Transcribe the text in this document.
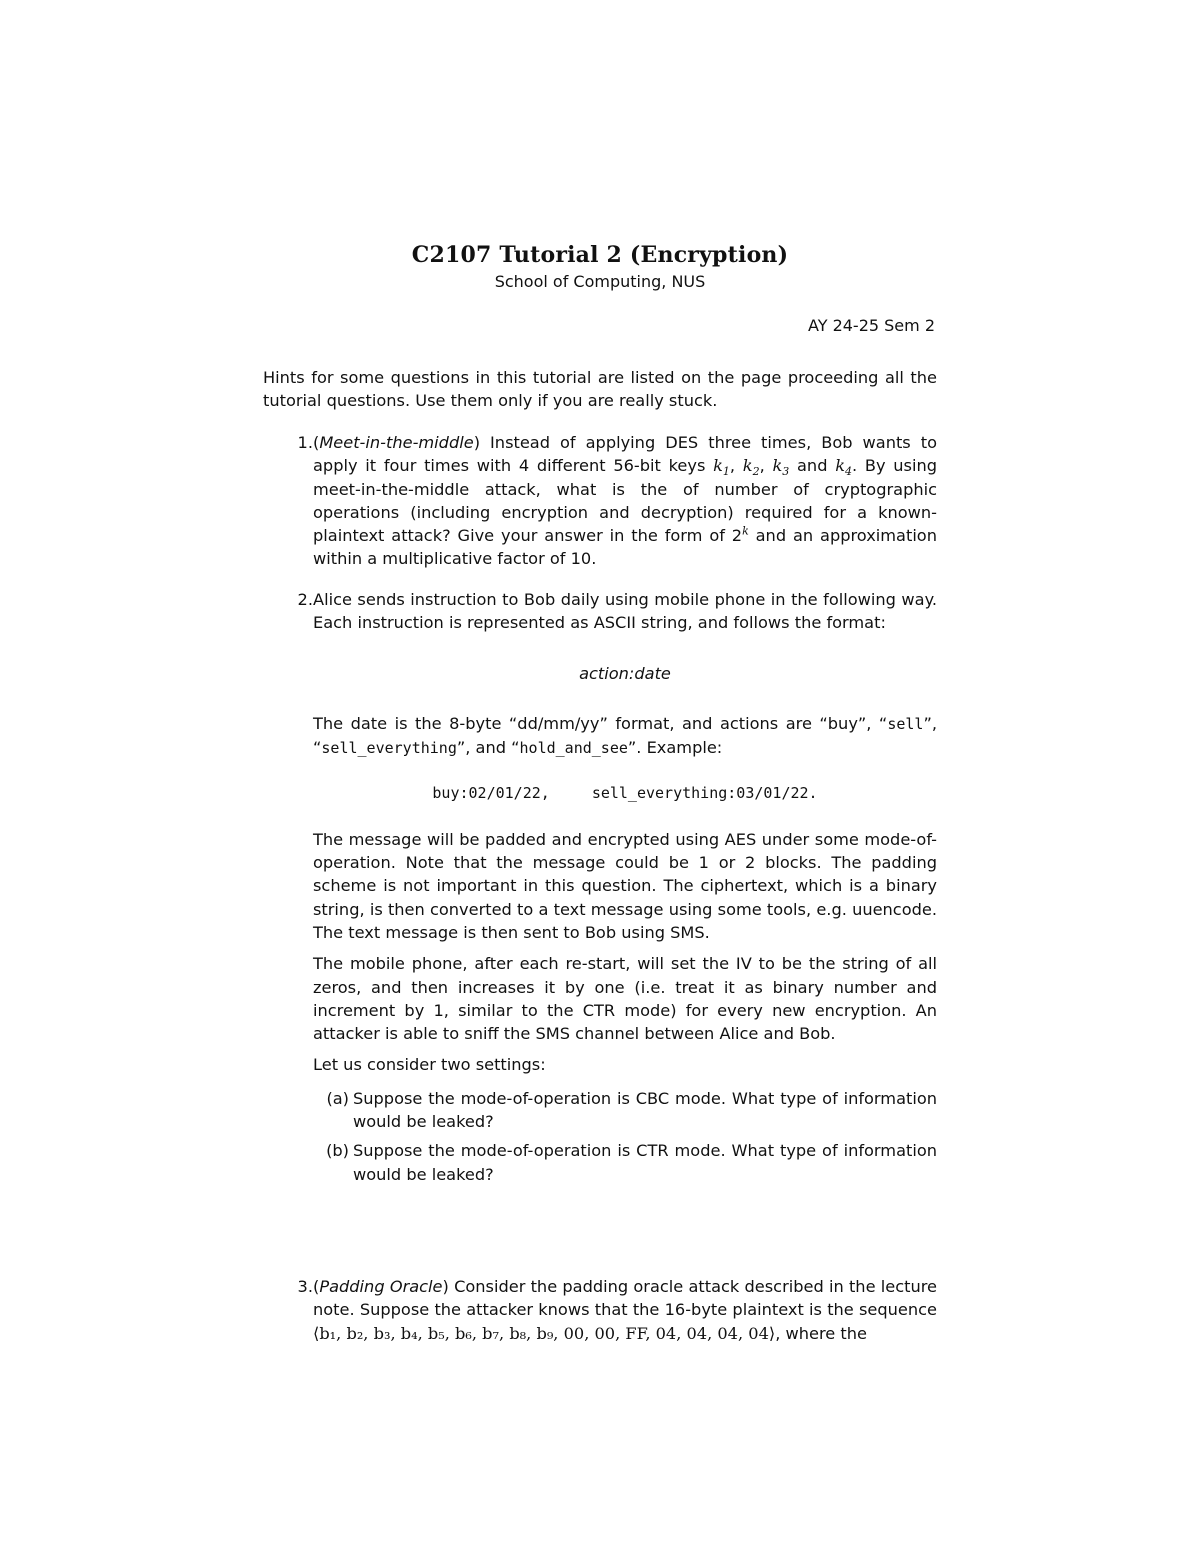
C2107 Tutorial 2 (Encryption)
School of Computing, NUS
AY 24-25 Sem 2

Hints for some questions in this tutorial are listed on the page proceeding all the tutorial questions. Use them only if you are really stuck.

1. (Meet-in-the-middle) Instead of applying DES three times, Bob wants to apply it four times with 4 different 56-bit keys $k_1$, $k_2$, $k_3$ and $k_4$. By using meet-in-the-middle attack, what is the of number of cryptographic operations (including encryption and decryption) required for a known-plaintext attack? Give your answer in the form of 2$^k$ and an approximation within a multiplicative factor of 10.

2. Alice sends instruction to Bob daily using mobile phone in the following way. Each instruction is represented as ASCII string, and follows the format:

action:date

The date is the 8-byte “dd/mm/yy” format, and actions are “buy”, “sell”, “sell_everything”, and “hold_and_see”. Example:

buy:02/01/22,	sell_everything:03/01/22.

The message will be padded and encrypted using AES under some mode-of-operation. Note that the message could be 1 or 2 blocks. The padding scheme is not important in this question. The ciphertext, which is a binary string, is then converted to a text message using some tools, e.g. uuencode. The text message is then sent to Bob using SMS.

The mobile phone, after each re-start, will set the IV to be the string of all zeros, and then increases it by one (i.e. treat it as binary number and increment by 1, similar to the CTR mode) for every new encryption. An attacker is able to sniff the SMS channel between Alice and Bob.

Let us consider two settings:

(a) Suppose the mode-of-operation is CBC mode. What type of information would be leaked?

(b) Suppose the mode-of-operation is CTR mode. What type of information would be leaked?

3. (Padding Oracle) Consider the padding oracle attack described in the lecture note. Suppose the attacker knows that the 16-byte plaintext is the sequence ⟨b₁, b₂, b₃, b₄, b₅, b₆, b₇, b₈, b₉, 00, 00, FF, 04, 04, 04, 04⟩, where the
